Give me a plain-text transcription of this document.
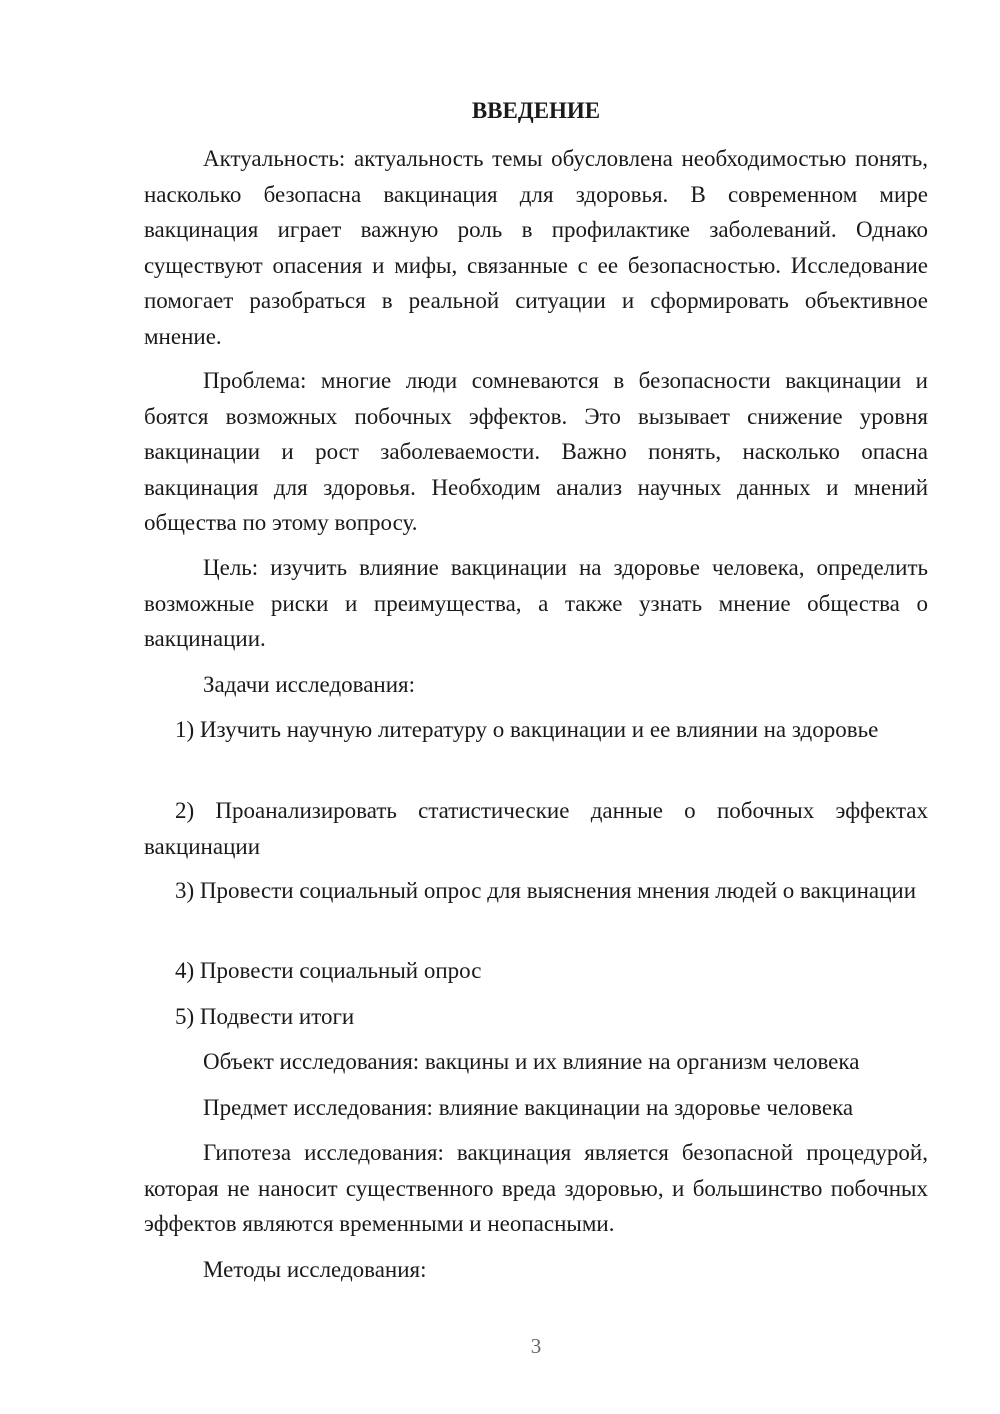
ВВЕДЕНИЕ

Актуальность: актуальность темы обусловлена необходимостью понять, насколько безопасна вакцинация для здоровья. В современном мире вакцинация играет важную роль в профилактике заболеваний. Однако существуют опасения и мифы, связанные с ее безопасностью. Исследование помогает разобраться в реальной ситуации и сформировать объективное мнение.

Проблема: многие люди сомневаются в безопасности вакцинации и боятся возможных побочных эффектов. Это вызывает снижение уровня вакцинации и рост заболеваемости. Важно понять, насколько опасна вакцинация для здоровья. Необходим анализ научных данных и мнений общества по этому вопросу.

Цель: изучить влияние вакцинации на здоровье человека, определить возможные риски и преимущества, а также узнать мнение общества о вакцинации.

Задачи исследования:

1) Изучить научную литературу о вакцинации и ее влиянии на здоровье

2) Проанализировать статистические данные о побочных эффектах вакцинации

3) Провести социальный опрос для выяснения мнения людей о вакцинации

4) Провести социальный опрос

5) Подвести итоги

Объект исследования: вакцины и их влияние на организм человека

Предмет исследования: влияние вакцинации на здоровье человека

Гипотеза исследования: вакцинация является безопасной процедурой, которая не наносит существенного вреда здоровью, и большинство побочных эффектов являются временными и неопасными.

Методы исследования:

3
